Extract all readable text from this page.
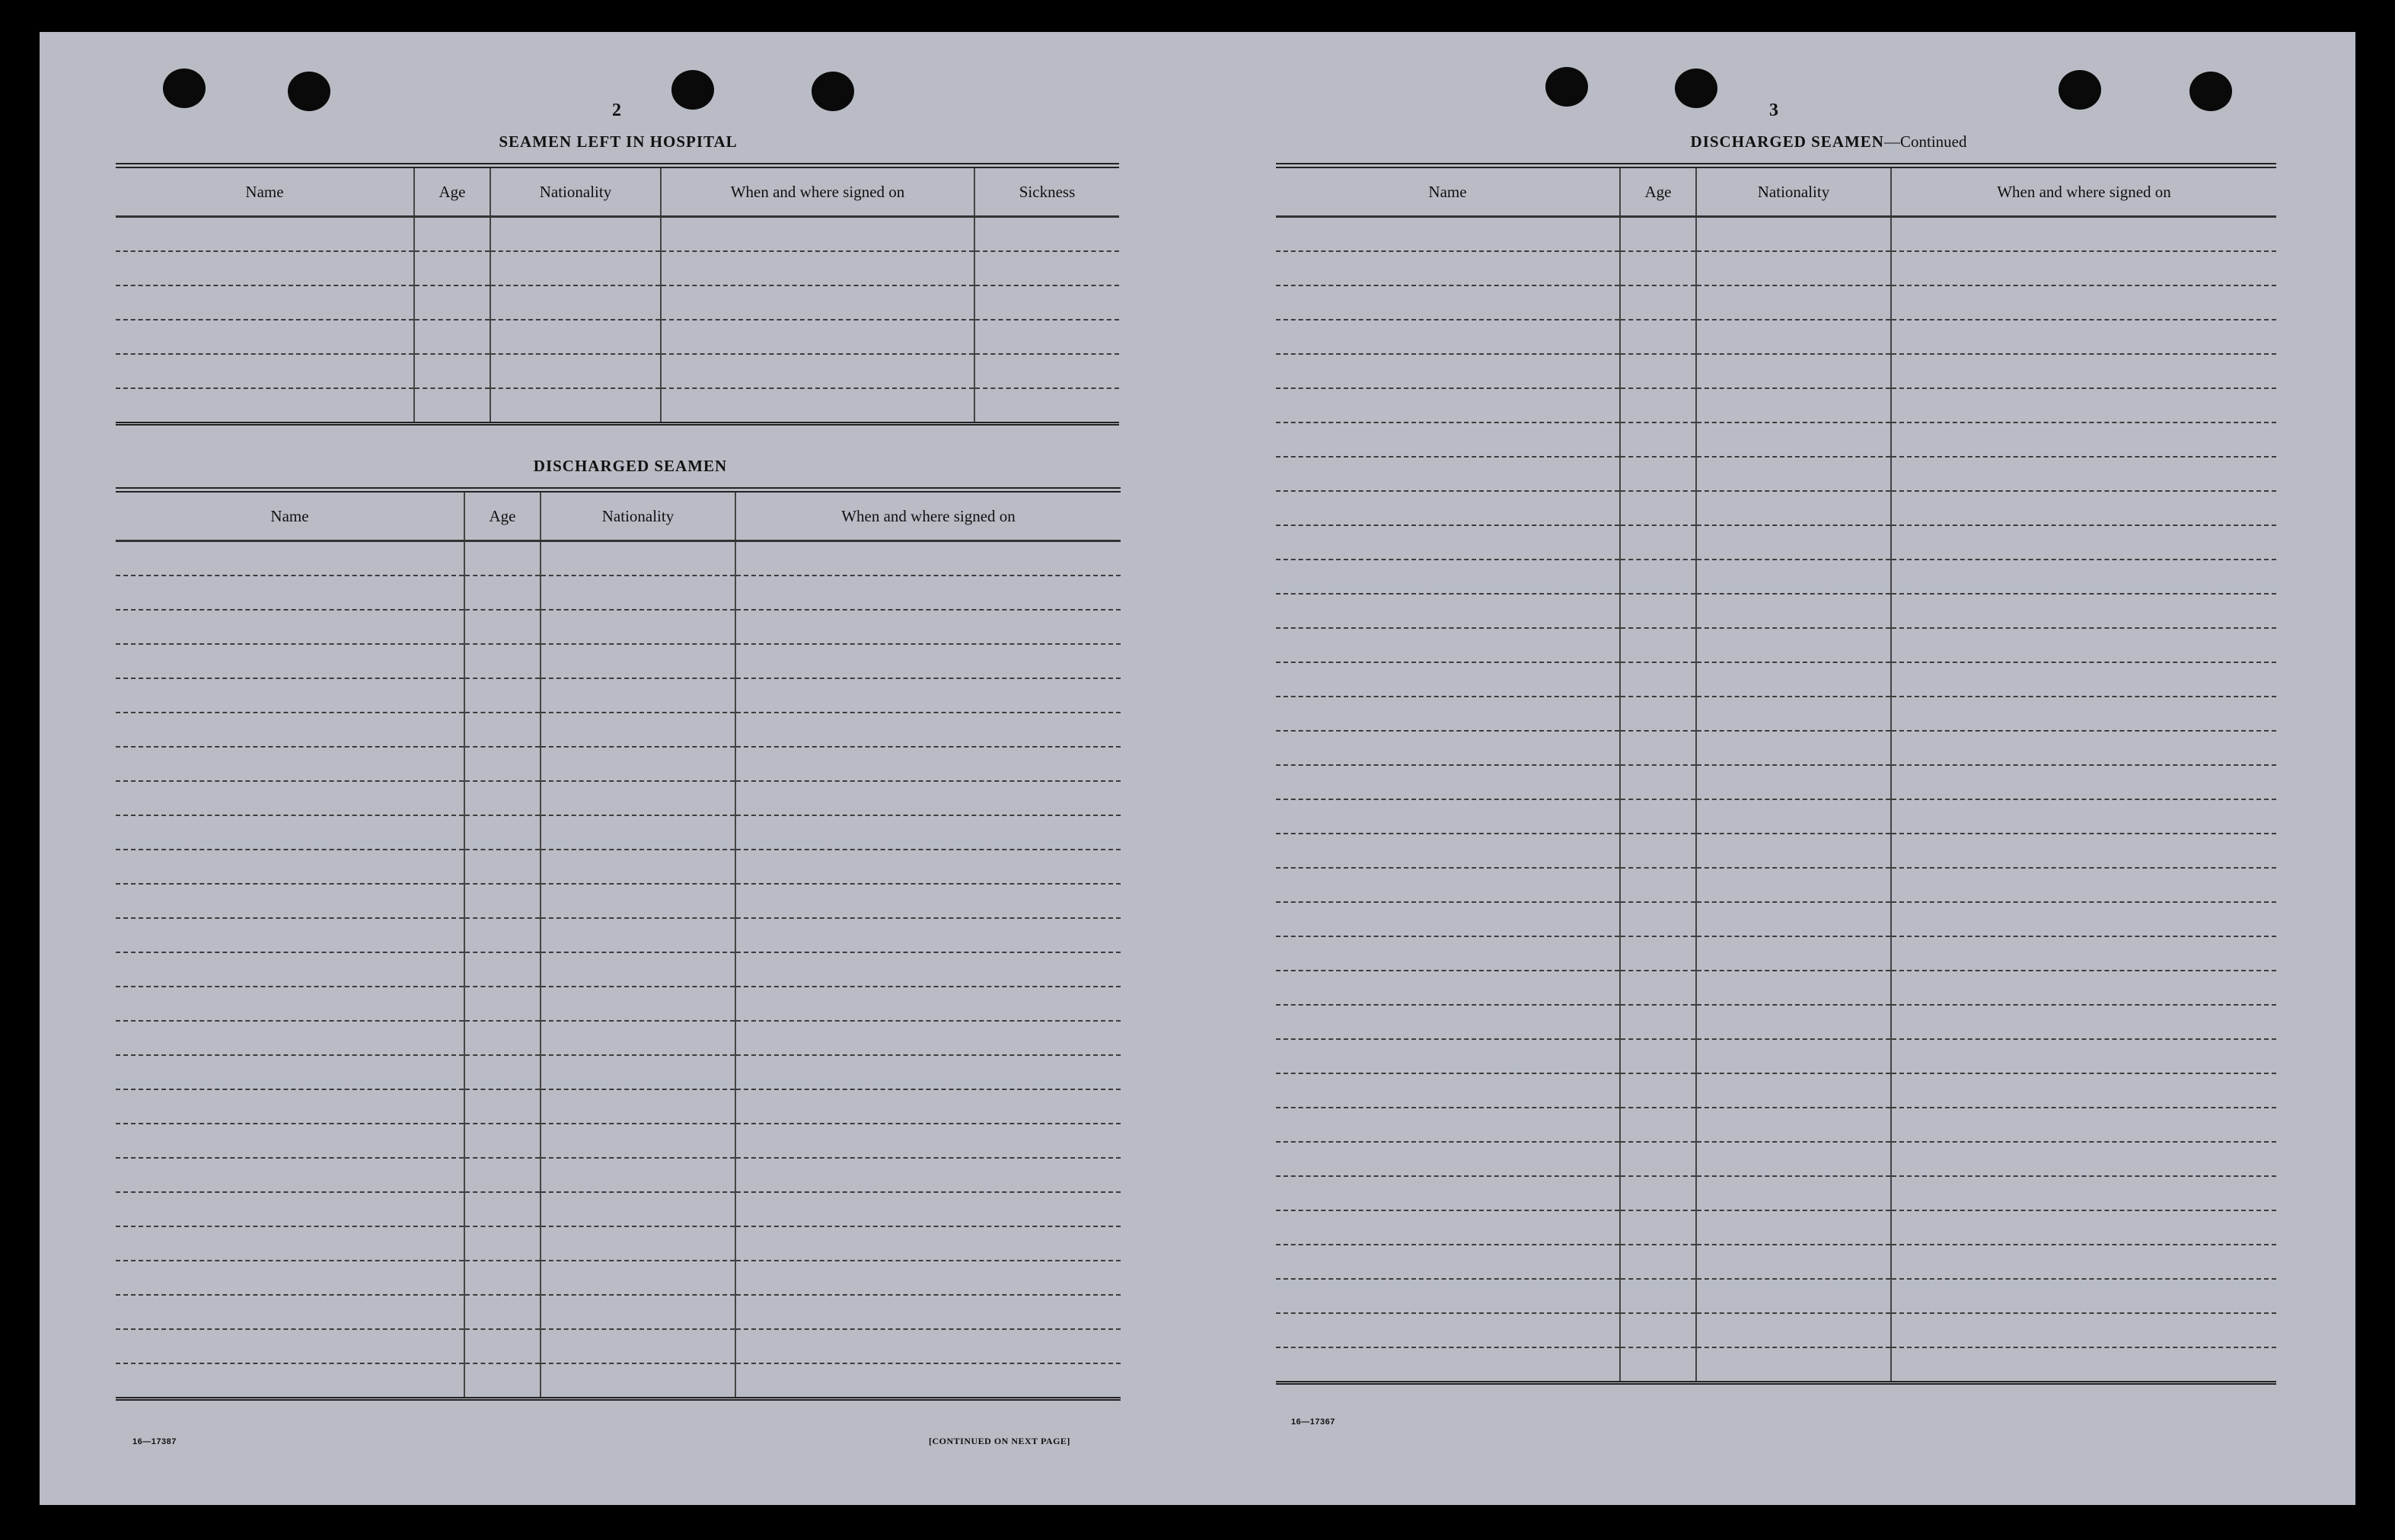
2
SEAMEN LEFT IN HOSPITAL
Name	Age	Nationality	When and where signed on	Sickness

DISCHARGED SEAMEN
Name	Age	Nationality	When and where signed on

16—17387	[CONTINUED ON NEXT PAGE]
3
DISCHARGED SEAMEN—Continued
Name	Age	Nationality	When and where signed on

16—17367
